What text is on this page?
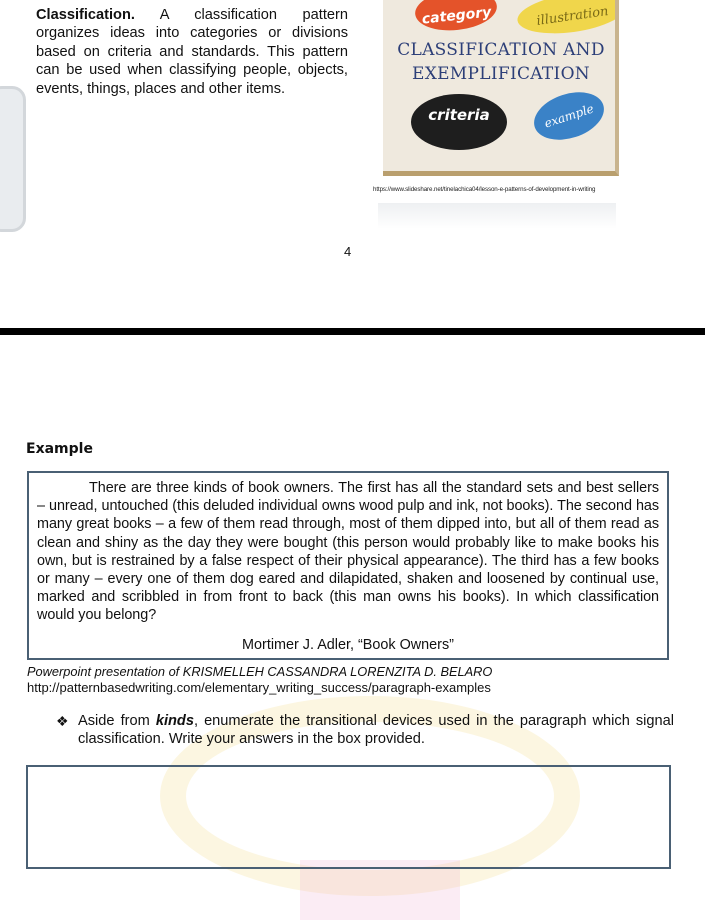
Classification. A classification pattern organizes ideas into categories or divisions based on criteria and standards. This pattern can be used when classifying people, objects, events, things, places and other items.
category	illustration
CLASSIFICATION AND
EXEMPLIFICATION
criteria	example
https://www.slideshare.net/tinelachica04/lesson-e-patterns-of-development-in-writing
4
Example
There are three kinds of book owners. The first has all the standard sets and best sellers – unread, untouched (this deluded individual owns wood pulp and ink, not books). The second has many great books – a few of them read through, most of them dipped into, but all of them read as clean and shiny as the day they were bought (this person would probably like to make books his own, but is restrained by a false respect of their physical appearance). The third has a few books or many – every one of them dog eared and dilapidated, shaken and loosened by continual use, marked and scribbled in from front to back (this man owns his books). In which classification would you belong?
Mortimer J. Adler, “Book Owners”
Powerpoint presentation of KRISMELLEH CASSANDRA LORENZITA D. BELARO
http://patternbasedwriting.com/elementary_writing_success/paragraph-examples
❖ Aside from kinds, enumerate the transitional devices used in the paragraph which signal classification. Write your answers in the box provided.
